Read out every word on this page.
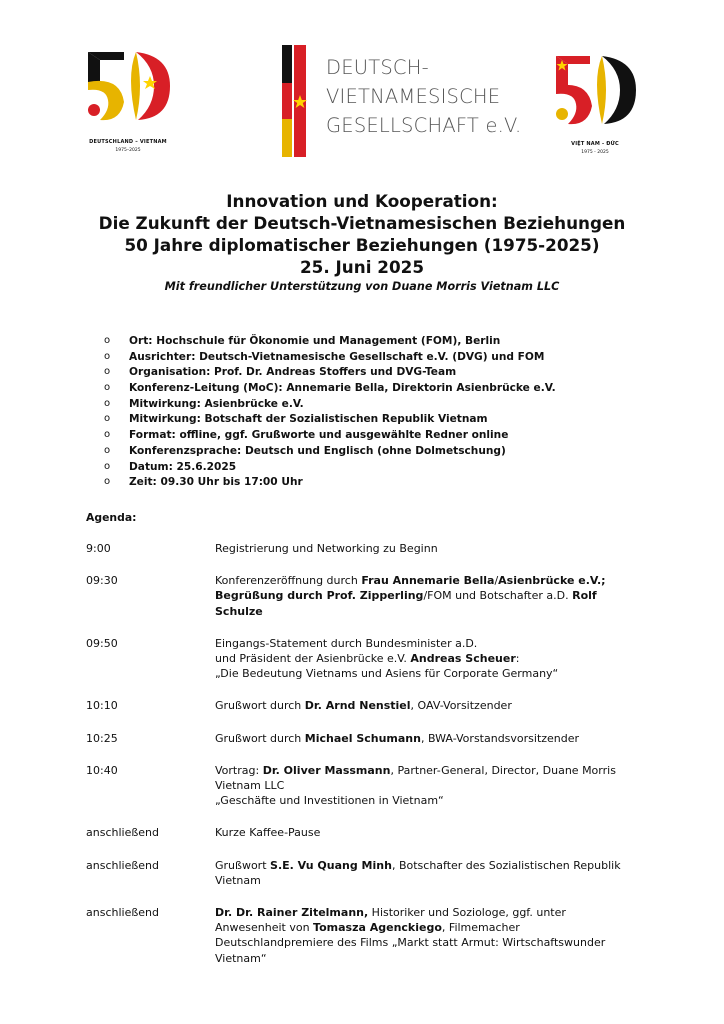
DEUTSCHLAND – VIETNAM
1975–2025
DEUTSCH-
VIETNAMESISCHE
GESELLSCHAFT e.V.
VIỆT NAM - ĐỨC
1975 - 2025
Innovation und Kooperation:
Die Zukunft der Deutsch-Vietnamesischen Beziehungen
50 Jahre diplomatischer Beziehungen (1975-2025)
25. Juni 2025
Mit freundlicher Unterstützung von Duane Morris Vietnam LLC
o Ort: Hochschule für Ökonomie und Management (FOM), Berlin
o Ausrichter: Deutsch-Vietnamesische Gesellschaft e.V. (DVG) und FOM
o Organisation: Prof. Dr. Andreas Stoffers und DVG-Team
o Konferenz-Leitung (MoC): Annemarie Bella, Direktorin Asienbrücke e.V.
o Mitwirkung: Asienbrücke e.V.
o Mitwirkung: Botschaft der Sozialistischen Republik Vietnam
o Format: offline, ggf. Grußworte und ausgewählte Redner online
o Konferenzsprache: Deutsch und Englisch (ohne Dolmetschung)
o Datum: 25.6.2025
o Zeit: 09.30 Uhr bis 17:00 Uhr
Agenda:
9:00	Registrierung und Networking zu Beginn
09:30	Konferenzeröffnung durch Frau Annemarie Bella/Asienbrücke e.V.; Begrüßung durch Prof. Zipperling/FOM und Botschafter a.D. Rolf Schulze
09:50	Eingangs-Statement durch Bundesminister a.D.
und Präsident der Asienbrücke e.V. Andreas Scheuer:
„Die Bedeutung Vietnams und Asiens für Corporate Germany“
10:10	Grußwort durch Dr. Arnd Nenstiel, OAV-Vorsitzender
10:25	Grußwort durch Michael Schumann, BWA-Vorstandsvorsitzender
10:40	Vortrag: Dr. Oliver Massmann, Partner-General, Director, Duane Morris Vietnam LLC
„Geschäfte und Investitionen in Vietnam“
anschließend	Kurze Kaffee-Pause
anschließend	Grußwort S.E. Vu Quang Minh, Botschafter des Sozialistischen Republik Vietnam
anschließend	Dr. Dr. Rainer Zitelmann, Historiker und Soziologe, ggf. unter Anwesenheit von Tomasza Agenckiego, Filmemacher
Deutschlandpremiere des Films „Markt statt Armut: Wirtschaftswunder Vietnam“
